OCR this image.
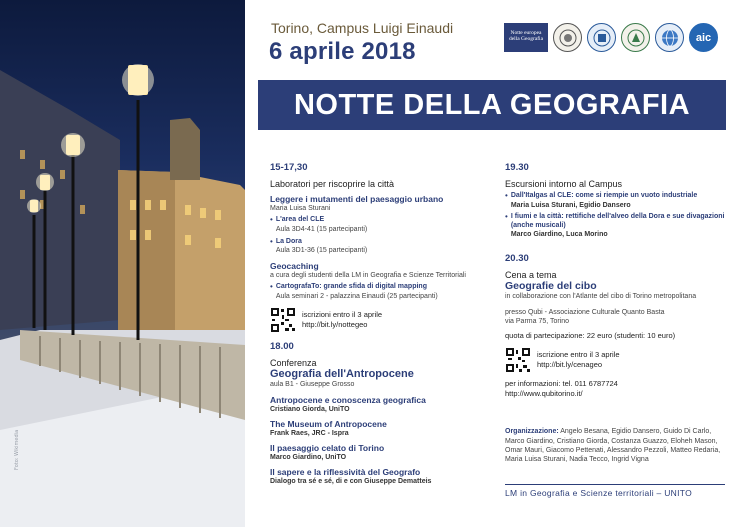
Foto: Wikimedia
Torino, Campus Luigi Einaudi
6 aprile 2018
Notte europea della Geografia	aic
NOTTE DELLA GEOGRAFIA
15-17,30
Laboratori per riscoprire la città
Leggere i mutamenti del paesaggio urbano
Maria Luisa Sturani
• L'area del CLE
Aula 3D4-41 (15 partecipanti)
• La Dora
Aula 3D1-36 (15 partecipanti)
Geocaching
a cura degli studenti della LM in Geografia e Scienze Territoriali
• CartografaTo: grande sfida di digital mapping
Aula seminari 2 - palazzina Einaudi (25 partecipanti)
iscrizioni entro il 3 aprile
http://bit.ly/nottegeo
18.00
Conferenza
Geografia dell'Antropocene
aula B1 - Giuseppe Grosso
Antropocene e conoscenza geografica
Cristiano Giorda, UniTO
The Museum of Antropocene
Frank Raes, JRC - Ispra
Il paesaggio celato di Torino
Marco Giardino, UniTO
Il sapere e la riflessività del Geografo
Dialogo tra sé e sé, di e con Giuseppe Dematteis
19.30
Escursioni intorno al Campus
• Dall'Italgas al CLE: come si riempie un vuoto industriale
Maria Luisa Sturani, Egidio Dansero
• I fiumi e la città: rettifiche dell'alveo della Dora e sue divagazioni (anche musicali)
Marco Giardino, Luca Morino
20.30
Cena a tema
Geografie del cibo
in collaborazione con l'Atlante del cibo di Torino metropolitana
presso Qubi - Associazione Culturale Quanto Basta
via Parma 75, Torino
quota di partecipazione: 22 euro (studenti: 10 euro)
iscrizione entro il 3 aprile
http://bit.ly/cenageo
per informazioni: tel. 011 6787724
http://www.qubitorino.it/
Organizzazione: Angelo Besana, Egidio Dansero, Guido Di Carlo, Marco Giardino, Cristiano Giorda, Costanza Guazzo, Eloheh Mason, Omar Mauri, Giacomo Pettenati, Alessandro Pezzoli, Matteo Redaria, Maria Luisa Sturani, Nadia Tecco, Ingrid Vigna
LM in Geografia e Scienze territoriali – UNITO
